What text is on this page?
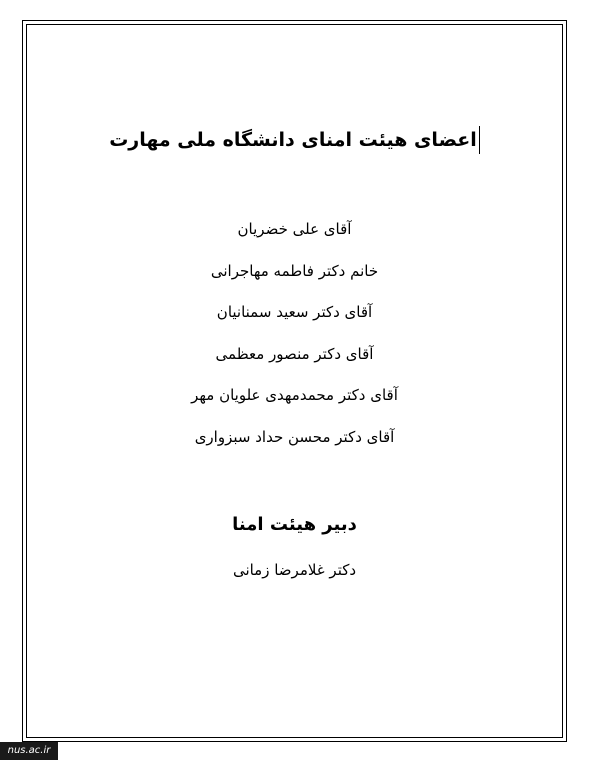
اعضای هیئت امنای دانشگاه ملی مهارت
آقای علی خضریان
خانم دکتر فاطمه مهاجرانی
آقای دکتر سعید سمنانیان
آقای دکتر منصور معظمی
آقای دکتر محمدمهدی علویان مهر
آقای دکتر محسن حداد سبزواری
دبیر هیئت امنا

دکتر غلامرضا زمانی

nus.ac.ir
